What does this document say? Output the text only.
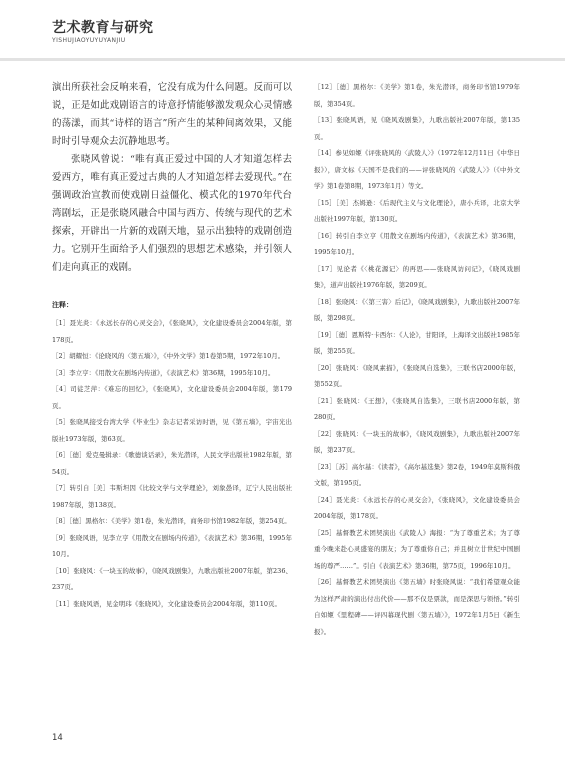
艺术教育与研究
YISHUJIAOYUYUYANJIU

演出所获社会反响来看，它没有成为什么问题。反而可以说，正是如此戏剧语言的诗意抒情能够激发观众心灵情感的荡漾，而其“诗样的语言”所产生的某种间离效果，又能时时引导观众去沉静地思考。

张晓风曾说：“唯有真正爱过中国的人才知道怎样去爱西方，唯有真正爱过古典的人才知道怎样去爱现代。”在强调政治宣教而使戏剧日益僵化、模式化的1970年代台湾剧坛，正是张晓风融合中国与西方、传统与现代的艺术探索，开辟出一片新的戏剧天地，显示出独特的戏剧创造力。它别开生面给予人们强烈的思想艺术感染，并引领人们走向真正的戏剧。

注释：

［1］聂光炎：《永远长存的心灵交会》，《张晓风》，文化建设委员会2004年版，第178页。

［2］胡耀恒：《论晓风的〈第五墙〉》，《中外文学》第1卷第5期，1972年10月。

［3］李立亨：《用散文在剧场内传道》，《表演艺术》第36期，1995年10月。

［4］司徒芝萍：《难忘的回忆》，《张晓风》，文化建设委员会2004年版，第179页。

［5］张晓风接受台湾大学《毕业生》杂志记者采访时语，见《第五墙》，宇宙光出版社1973年版，第63页。

［6］［德］爱克曼辑录：《歌德谈话录》，朱光潜译，人民文学出版社1982年版，第54页。

［7］转引自［美］韦斯坦因《比较文学与文学理论》，刘象愚译，辽宁人民出版社1987年版，第138页。

［8］［德］黑格尔：《美学》第1卷，朱光潜译，商务印书馆1982年版，第254页。

［9］张晓风语，见李立亨《用散文在剧场内传道》，《表演艺术》第36期，1995年10月。

［10］张晓风：《一块玉的故事》，《晓风戏剧集》，九歌出版社2007年版，第236、237页。

［11］张晓风语，见金明玮《张晓风》，文化建设委员会2004年版，第110页。

［12］［德］黑格尔：《美学》第1卷，朱光潜译，商务印书馆1979年版，第354页。

［13］张晓风语，见《晓风戏剧集》，九歌出版社2007年版，第135页。

［14］参见如姬《评张晓风的〈武陵人〉》（1972年12月11日《中华日报》），唐文标《天国不是我们的——评张晓风的〈武陵人〉》（《中外文学》第1卷第8期，1973年1月）等文。

［15］［美］杰姆逊：《后现代主义与文化理论》，唐小兵译，北京大学出版社1997年版，第130页。

［16］转引自李立亨《用散文在剧场内传道》，《表演艺术》第36期，1995年10月。

［17］见论者《〈桃花源记〉的再思——张晓风访问记》，《晓风戏剧集》，道声出版社1976年版，第209页。

［18］张晓风：《〈第三害〉后记》，《晓风戏剧集》，九歌出版社2007年版，第298页。

［19］［德］恩斯特·卡西尔：《人论》，甘阳译，上海译文出版社1985年版，第255页。

［20］张晓风：《晓风素描》，《张晓风自选集》，三联书店2000年版，第552页。

［21］张晓风：《王想》，《张晓风自选集》，三联书店2000年版，第280页。

［22］张晓风：《一块玉的故事》，《晓风戏剧集》，九歌出版社2007年版，第237页。

［23］［苏］高尔基：《读者》，《高尔基选集》第2卷，1949年莫斯科俄文版，第195页。

［24］聂光炎：《永远长存的心灵交会》，《张晓风》，文化建设委员会2004年版，第178页。

［25］基督教艺术团契演出《武陵人》海报：“为了尊重艺术；为了尊重今晚来赴心灵盛宴的朋友；为了尊重你自己；并且树立廿世纪中国剧场的尊严……”。引自《表演艺术》第36期，第75页，1996年10月。

［26］基督教艺术团契演出《第五墙》时张晓风说：“我们希望观众能为这样严肃的演出付出代价——那不仅是票款，而是深思与领悟。”转引自如姬《里程碑——评四幕现代剧〈第五墙〉》，1972年1月5日《新生报》。

14
